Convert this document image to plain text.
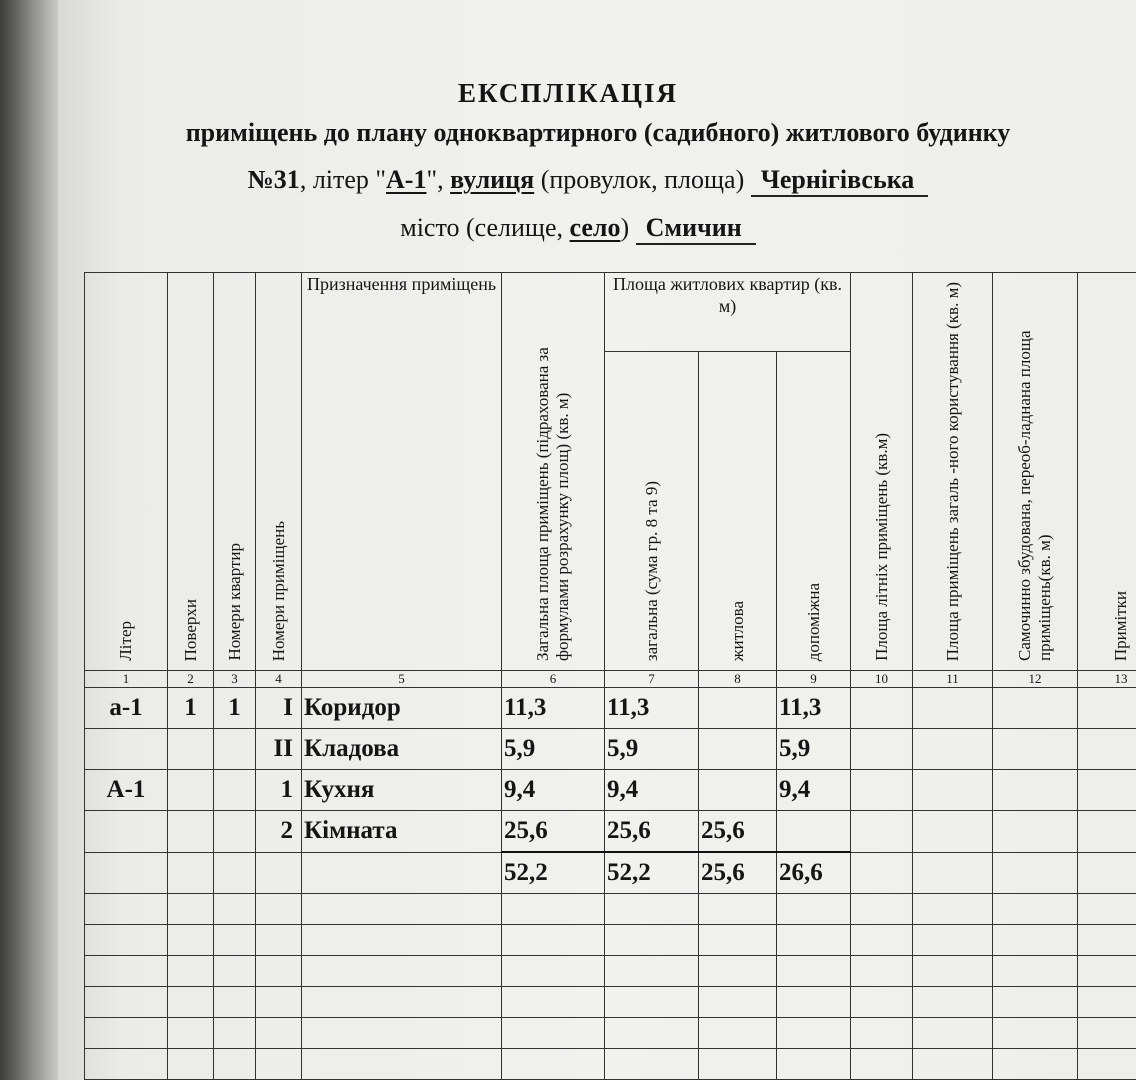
ЕКСПЛІКАЦІЯ
приміщень до плану одноквартирного (садибного) житлового будинку
№31, літер "А-1", вулиця (провулок, площа) Чернігівська
місто (селище, село) Смичин
Літер	Поверхи	Номери квартир	Номери приміщень	Призначення приміщень	Загальна площа приміщень (підрахована за формулами розрахунку площ) (кв. м)	Площа житлових квартир (кв. м)			Площа літніх приміщень (кв.м)	Площа приміщень загаль -ного користування (кв. м)	Самочинно збудована, переоб-ладнана площа приміщень(кв. м)	Примітки
						загальна (сума гр. 8 та 9)	житлова	допоміжна				
1	2	3	4	5	6	7	8	9	10	11	12	13
а-1	1	1	І	Коридор	11,3	11,3		11,3				
			ІІ	Кладова	5,9	5,9		5,9				
А-1			1	Кухня	9,4	9,4		9,4				
			2	Кімната	25,6	25,6	25,6					
					52,2	52,2	25,6	26,6				
